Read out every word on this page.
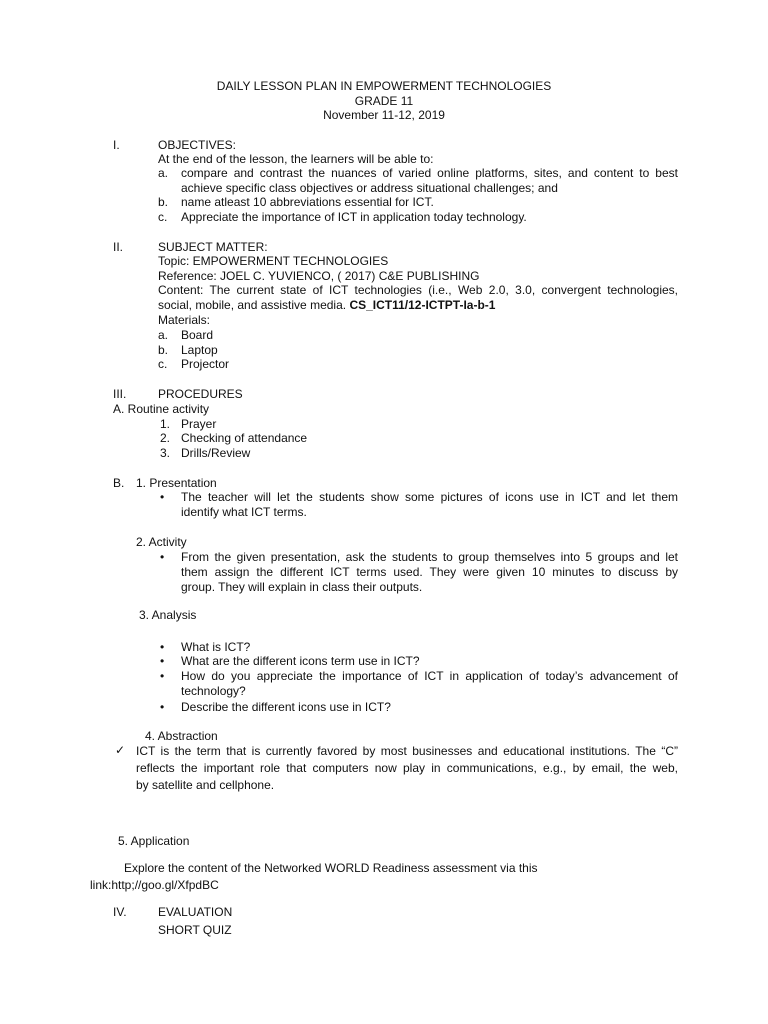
DAILY LESSON PLAN IN EMPOWERMENT TECHNOLOGIES
GRADE 11
November 11-12, 2019
I.	OBJECTIVES:
At the end of the lesson, the learners will be able to:
a. compare and contrast the nuances of varied online platforms, sites, and content to best
achieve specific class objectives or address situational challenges; and
b. name atleast 10 abbreviations essential for ICT.
c. Appreciate the importance of ICT in application today technology.
II.	SUBJECT MATTER:
Topic: EMPOWERMENT TECHNOLOGIES
Reference: JOEL C. YUVIENCO, ( 2017) C&E PUBLISHING
Content: The current state of ICT technologies (i.e., Web 2.0, 3.0, convergent technologies,
social, mobile, and assistive media. CS_ICT11/12-ICTPT-Ia-b-1
Materials:
a. Board
b. Laptop
c. Projector
III.	PROCEDURES
A. Routine activity
1. Prayer
2. Checking of attendance
3. Drills/Review
B. 1. Presentation
• The teacher will let the students show some pictures of icons use in ICT and let them
identify what ICT terms.
2. Activity
• From the given presentation, ask the students to group themselves into 5 groups and let
them assign the different ICT terms used. They were given 10 minutes to discuss by
group. They will explain in class their outputs.
3. Analysis
• What is ICT?
• What are the different icons term use in ICT?
• How do you appreciate the importance of ICT in application of today’s advancement of
technology?
• Describe the different icons use in ICT?
4. Abstraction
✓ ICT is the term that is currently favored by most businesses and educational institutions. The “C”
reflects the important role that computers now play in communications, e.g., by email, the web,
by satellite and cellphone.
5. Application
Explore the content of the Networked WORLD Readiness assessment via this
link:http;//goo.gl/XfpdBC
IV.	EVALUATION
SHORT QUIZ
